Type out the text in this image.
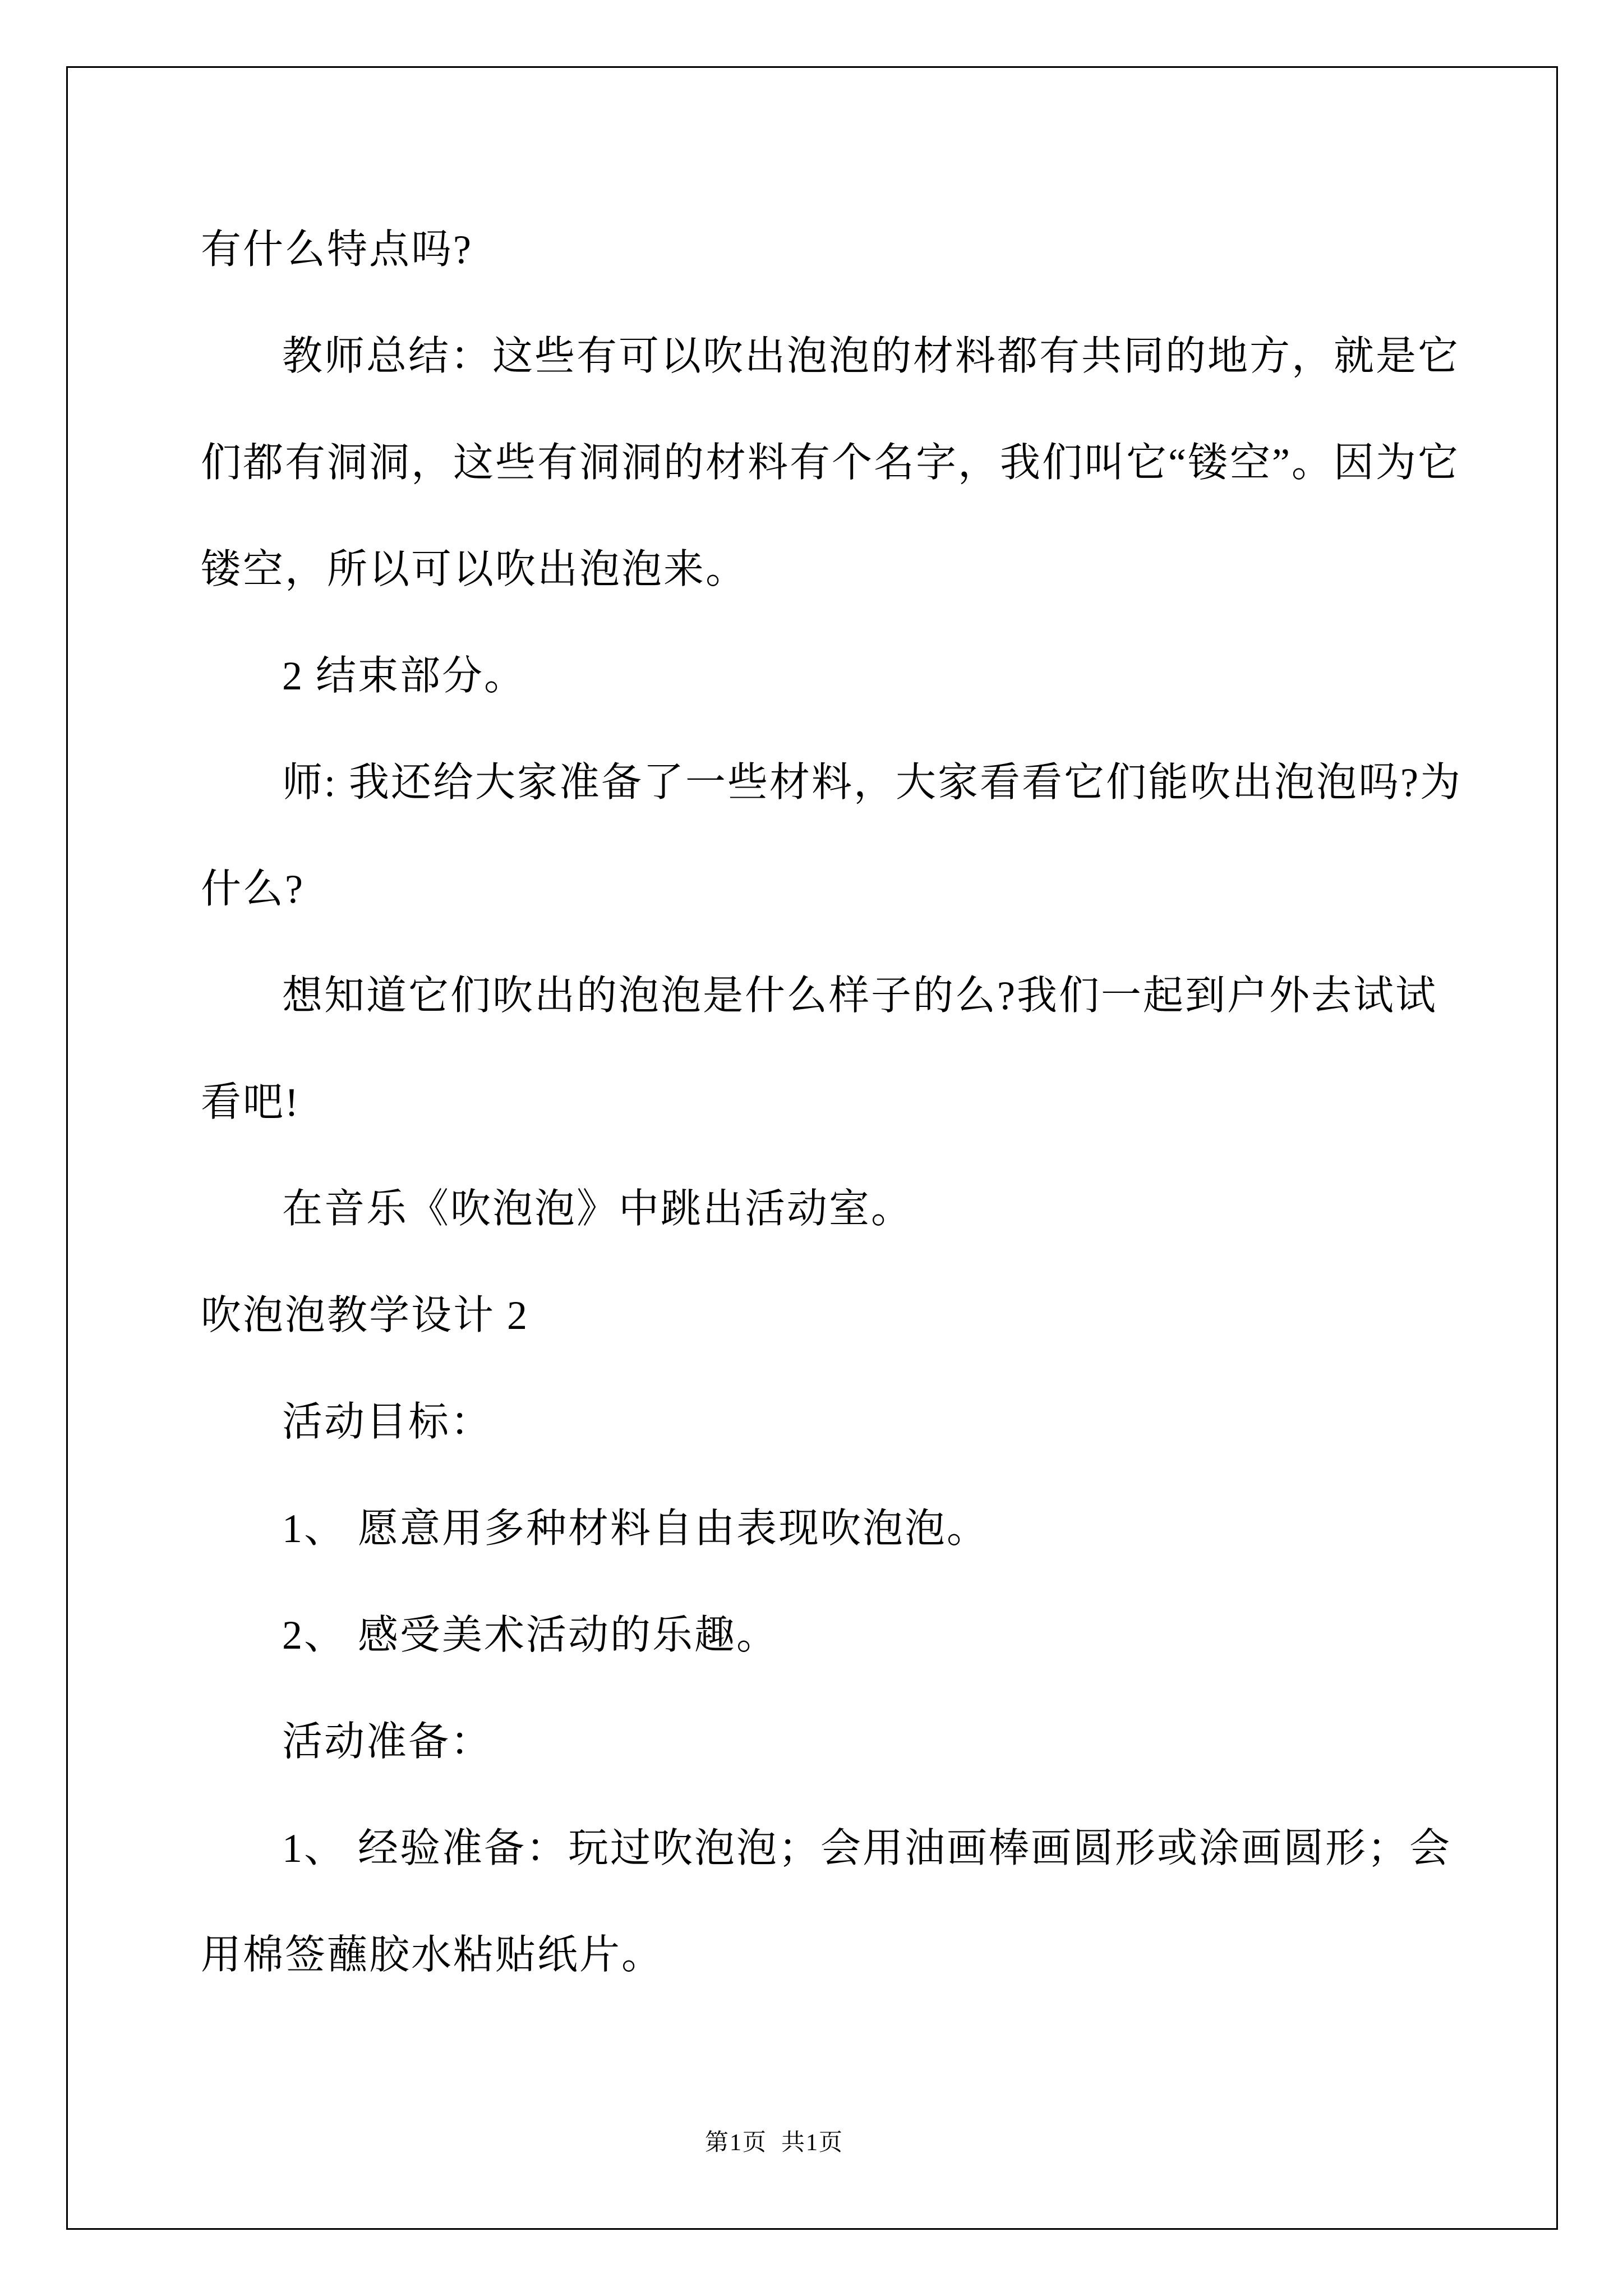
有什么特点吗?
教师总结：这些有可以吹出泡泡的材料都有共同的地方，就是它
们都有洞洞，这些有洞洞的材料有个名字，我们叫它“镂空”。因为它
镂空，所以可以吹出泡泡来。
2 结束部分。
师: 我还给大家准备了一些材料，大家看看它们能吹出泡泡吗?为
什么?
想知道它们吹出的泡泡是什么样子的么?我们一起到户外去试试
看吧!
在音乐《吹泡泡》中跳出活动室。
吹泡泡教学设计 2
活动目标：
1、 愿意用多种材料自由表现吹泡泡。
2、 感受美术活动的乐趣。
活动准备：
1、 经验准备：玩过吹泡泡；会用油画棒画圆形或涂画圆形；会
用棉签蘸胶水粘贴纸片。
第1页  共1页
